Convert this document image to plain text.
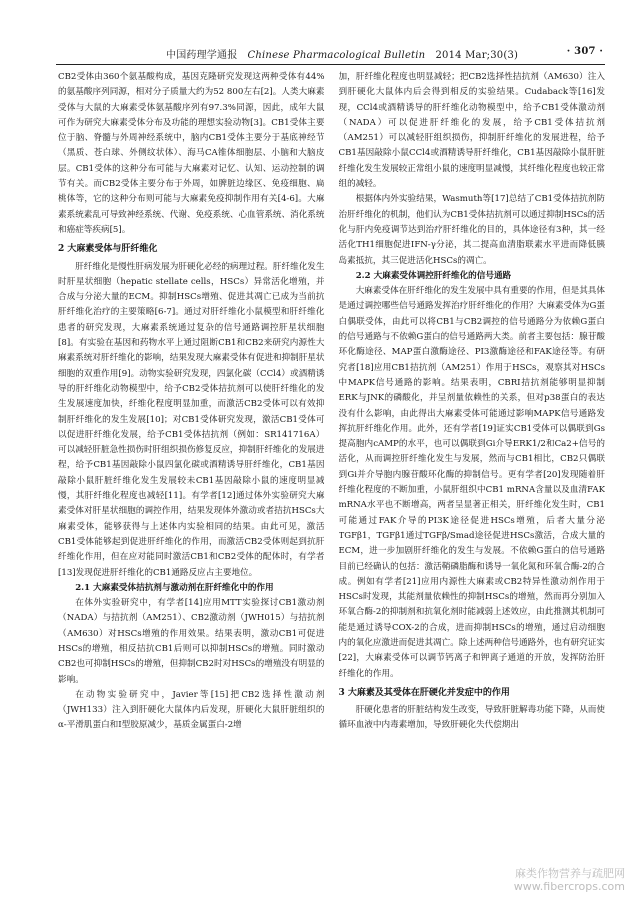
中国药理学通报 Chinese Pharmacological Bulletin 2014 Mar;30(3)	· 307 ·

CB2受体由360个氨基酸构成，基因克隆研究发现这两种受体有44%的氨基酸序列同源，相对分子质量大约为52 800左右[2]。人类大麻素受体与大鼠的大麻素受体氨基酸序列有97.3%同源，因此，成年大鼠可作为研究大麻素受体分布及功能的理想实验动物[3]。CB1受体主要位于脑、脊髓与外周神经系统中，脑内CB1受体主要分于基底神经节（黑质、苍白球、外侧纹状体）、海马CA锥体细胞层、小脑和大脑皮层。CB1受体的这种分布可能与大麻素对记忆、认知、运动控制的调节有关。而CB2受体主要分布于外周，如脾脏边缘区、免疫细胞、扁桃体等，它的这种分布则可能与大麻素免疫抑制作用有关[4-6]。大麻素系统素乱可导致神经系统、代谢、免疫系统、心血管系统、消化系统和癌症等疾病[5]。

2 大麻素受体与肝纤维化

肝纤维化是慢性肝病发展为肝硬化必经的病理过程。肝纤维化发生时肝星状细胞（hepatic stellate cells，HSCs）异常活化增殖，并合成与分泌大量的ECM。抑制HSCs增殖、促进其凋亡已成为当前抗肝纤维化治疗的主要策略[6-7]。通过对肝纤维化小鼠模型和肝纤维化患者的研究发现，大麻素系统通过复杂的信号通路调控肝星状细胞[8]。有实验在基因和药物水平上通过阻断CB1和CB2来研究内源性大麻素系统对肝纤维化的影响，结果发现大麻素受体有促进和抑制肝星状细胞的双重作用[9]。动物实验研究发现，四氯化碳（CCl4）或酒精诱导的肝纤维化动物模型中，给予CB2受体拮抗剂可以使肝纤维化的发生发展速度加快，纤维化程度明显加重，而激活CB2受体可以有效抑制肝纤维化的发生发展[10]；对CB1受体研究发现，激活CB1受体可以促进肝纤维化发展，给予CB1受体拮抗剂（例如：SR141716A）可以减轻肝脏急性损伤时肝组织损伤修复反应，抑制肝纤维化的发展进程，给予CB1基因敲除小鼠四氯化碳或酒精诱导肝纤维化，CB1基因敲除小鼠肝脏纤维化发生发展较未CB1基因敲除小鼠的速度明显减慢，其肝纤维化程度也减轻[11]。有学者[12]通过体外实验研究大麻素受体对肝星状细胞的调控作用，结果发现体外激动或者拮抗HSCs大麻素受体，能够获得与上述体内实验相同的结果。由此可见，激活CB1受体能够起到促进肝纤维化的作用，而激活CB2受体则起到抗肝纤维化作用，但在应对能同时激活CB1和CB2受体的配体时，有学者[13]发现促进肝纤维化的CB1通路反应占主要地位。

2.1 大麻素受体拮抗剂与激动剂在肝纤维化中的作用

在体外实验研究中，有学者[14]应用MTT实验探讨CB1激动剂（NADA）与拮抗剂（AM251）、CB2激动剂（JWH015）与拮抗剂（AM630）对HSCs增殖的作用效果。结果表明，激动CB1可促进HSCs的增殖，相反拮抗CB1后则可以抑制HSCs的增殖。同时激动CB2也可抑制HSCs的增殖，但抑制CB2时对HSCs的增殖没有明显的影响。

在动物实验研究中，Javier等[15]把CB2选择性激动剂（JWH133）注入到肝硬化大鼠体内后发现，肝硬化大鼠肝脏组织的α-平滑肌蛋白和I型胶原减少，基质金属蛋白-2增

加，肝纤维化程度也明显减轻；把CB2选择性拮抗剂（AM630）注入到肝硬化大鼠体内后会得到相反的实验结果。Cudaback等[16]发现，CCl4或酒精诱导的肝纤维化动物模型中，给予CB1受体激动剂（NADA）可以促进肝纤维化的发展，给予CB1受体拮抗剂（AM251）可以减轻肝组织损伤，抑制肝纤维化的发展进程，给予CB1基因敲除小鼠CCl4或酒精诱导肝纤维化，CB1基因敲除小鼠肝脏纤维化发生发展较正常组小鼠的速度明显减慢，其纤维化程度也较正常组的减轻。

根据体内外实验结果，Wasmuth等[17]总结了CB1受体拮抗剂防治肝纤维化的机制，他们认为CB1受体拮抗剂可以通过抑制HSCs的活化与肝内免疫调节达到治疗肝纤维化的目的，具体途径有3种，其一经活化TH1细胞促进IFN-γ分泌，其二提高血清脂联素水平进而降低胰岛素抵抗，其三促进活化HSCs的凋亡。

2.2 大麻素受体调控肝纤维化的信号通路

大麻素受体在肝纤维化的发生发展中具有重要的作用，但是其具体是通过调控哪些信号通路发挥治疗肝纤维化的作用？大麻素受体为G蛋白偶联受体，由此可以将CB1与CB2调控的信号通路分为依赖G蛋白的信号通路与不依赖G蛋白的信号通路两大类。前者主要包括：腺苷酸环化酶途径、MAP蛋白激酶途径、PI3激酶途径和FAK途径等。有研究者[18]应用CB1拮抗剂（AM251）作用于HSCs，观察其对HSCs中MAPK信号通路的影响。结果表明，CBRI拮抗剂能够明显抑制ERK与JNK的磷酸化，并呈剂量依赖性的关系，但对p38蛋白的表达没有什么影响，由此得出大麻素受体可能通过影响MAPK信号通路发挥抗肝纤维化作用。此外，还有学者[19]证实CB1受体可以偶联到Gs提高胞内cAMP的水平，也可以偶联到Gi介导ERK1/2和Ca2+信号的活化，从而调控肝纤维化发生与发展，然而与CB1相比，CB2只偶联到Gi并介导胞内腺苷酸环化酶的抑制信号。更有学者[20]发现随着肝纤维化程度的不断加重，小鼠肝组织中CB1 mRNA含量以及血清FAK mRNA水平也不断增高，两者呈显著正相关，肝纤维化发生时，CB1可能通过FAK介导的PI3K途径促进HSCs增殖，后者大量分泌TGFβ1，TGFβ1通过TGFβ/Smad途径促进HSCs激活，合成大量的ECM，进一步加剧肝纤维化的发生与发展。不依赖G蛋白的信号通路目前已经确认的包括：激活鞘磷脂酶和诱导一氧化氮和环氧合酶-2的合成。例如有学者[21]应用内源性大麻素或CB2特异性激动剂作用于HSCs时发现，其能剂量依赖性的抑制HSCs的增殖，然而再分别加入环氧合酶-2的抑制剂和抗氧化剂时能减弱上述效应，由此推测其机制可能是通过诱导COX-2的合成，进而抑制HSCs的增殖，通过启动细胞内的氧化应激进而促进其凋亡。除上述两种信号通路外，也有研究证实[22]，大麻素受体可以调节钙离子和钾离子通道的开放，发挥防治肝纤维化的作用。

3 大麻素及其受体在肝硬化并发症中的作用

肝硬化患者的肝脏结构发生改变，导致肝脏解毒功能下降，从而使循环血液中内毒素增加，导致肝硬化失代偿期出

麻类作物营养与疏肥网
www.fibercrops.com
